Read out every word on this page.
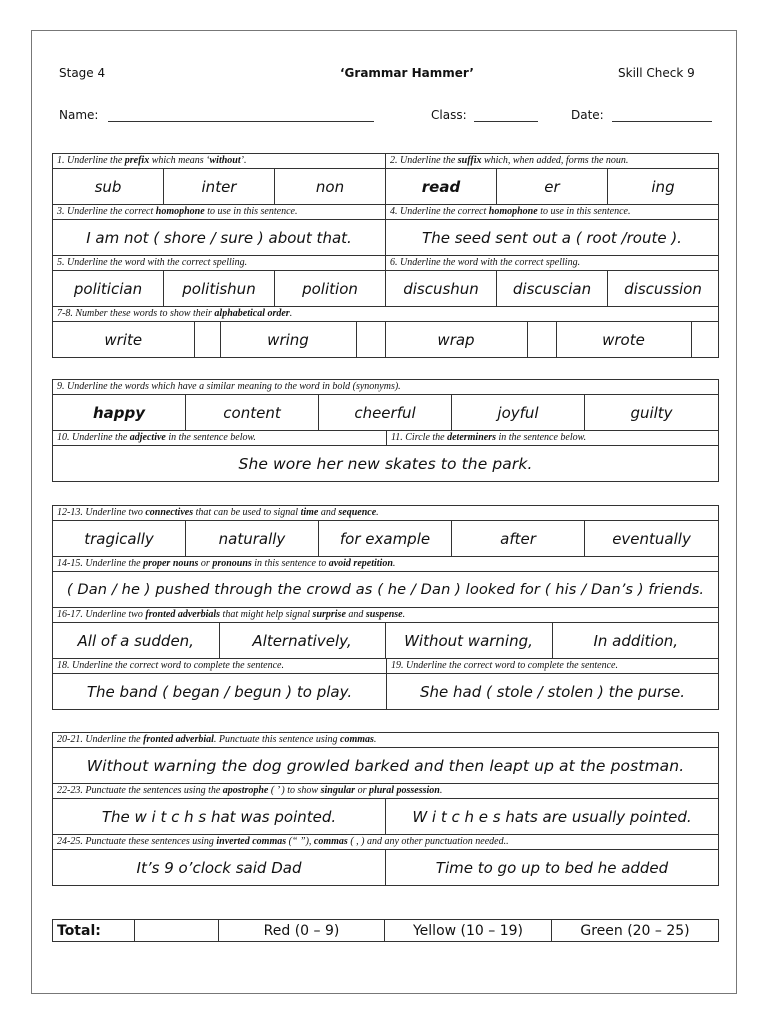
Stage 4	‘Grammar Hammer’	Skill Check 9
Name:	Class:	Date:
1. Underline the prefix which means ‘without’.	2. Underline the suffix which, when added, forms the noun.
sub	inter	non	read	er	ing
3. Underline the correct homophone to use in this sentence.	4. Underline the correct homophone to use in this sentence.
I am not ( shore / sure ) about that.	The seed sent out a ( root /route ).
5. Underline the word with the correct spelling.	6. Underline the word with the correct spelling.
politician	politishun	polition	discushun	discuscian	discussion
7-8. Number these words to show their alphabetical order.

write		wring		wrap		wrote	
9. Underline the words which have a similar meaning to the word in bold (synonyms).
happy	content	cheerful	joyful	guilty

10. Underline the adjective in the sentence below.	11. Circle the determiners in the sentence below.

She wore her new skates to the park.
12-13. Underline two connectives that can be used to signal time and sequence.
tragically	naturally	for example	after	eventually
14-15. Underline the proper nouns or pronouns in this sentence to avoid repetition.
( Dan / he ) pushed through the crowd as ( he / Dan ) looked for ( his / Dan’s ) friends.
16-17. Underline two fronted adverbials that might help signal surprise and suspense.

All of a sudden,	Alternatively,	Without warning,	In addition,

18. Underline the correct word to complete the sentence.	19. Underline the correct word to complete the sentence.
The band ( began / begun ) to play.	She had ( stole / stolen ) the purse.
20-21. Underline the fronted adverbial. Punctuate this sentence using commas.	
Without warning the dog growled barked and then leapt up at the postman.	
22-23. Punctuate the sentences using the apostrophe ( ’ ) to show singular or plural possession.	
The w i t c h s hat was pointed.	W i t c h e s hats are usually pointed.
24-25. Punctuate these sentences using inverted commas (“ ”), commas ( , ) and any other punctuation needed..	
It’s 9 o’clock said Dad	Time to go up to bed he added
Total:		Red (0 – 9)	Yellow (10 – 19)	Green (20 – 25)
